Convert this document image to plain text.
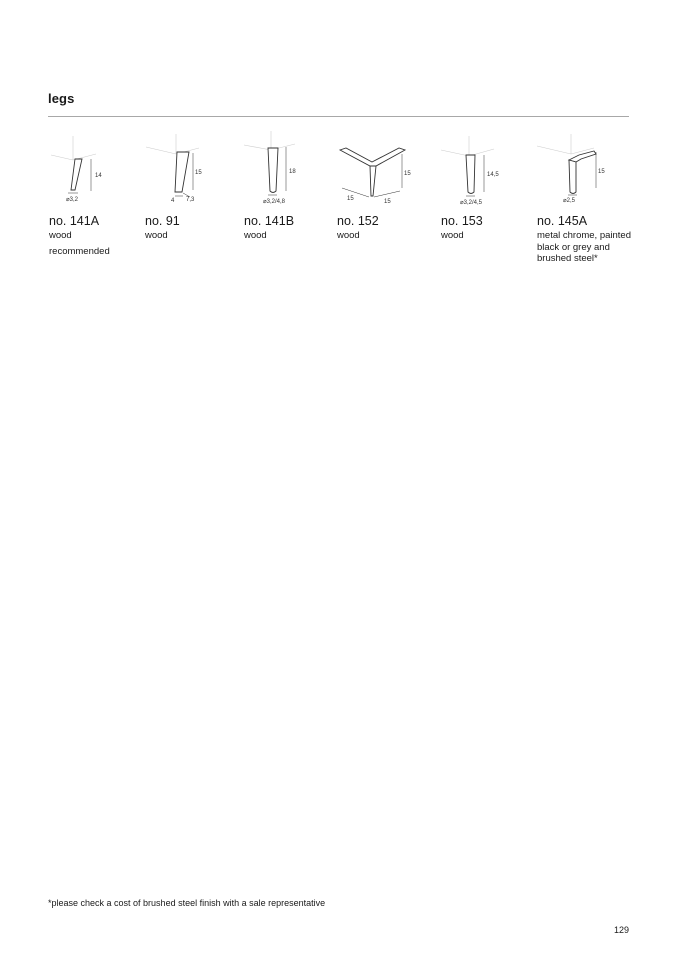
legs
14
⌀3,2
no. 141A
wood
recommended
15
4 7,3
no. 91
wood
18
⌀3,2/4,8
no. 141B
wood
15
15	15
no. 152
wood
14,5
⌀3,2/4,5
no. 153
wood
15
⌀2,5
no. 145A
metal chrome, painted black or grey and brushed steel*
*please check a cost of brushed steel finish with a sale representative
129
